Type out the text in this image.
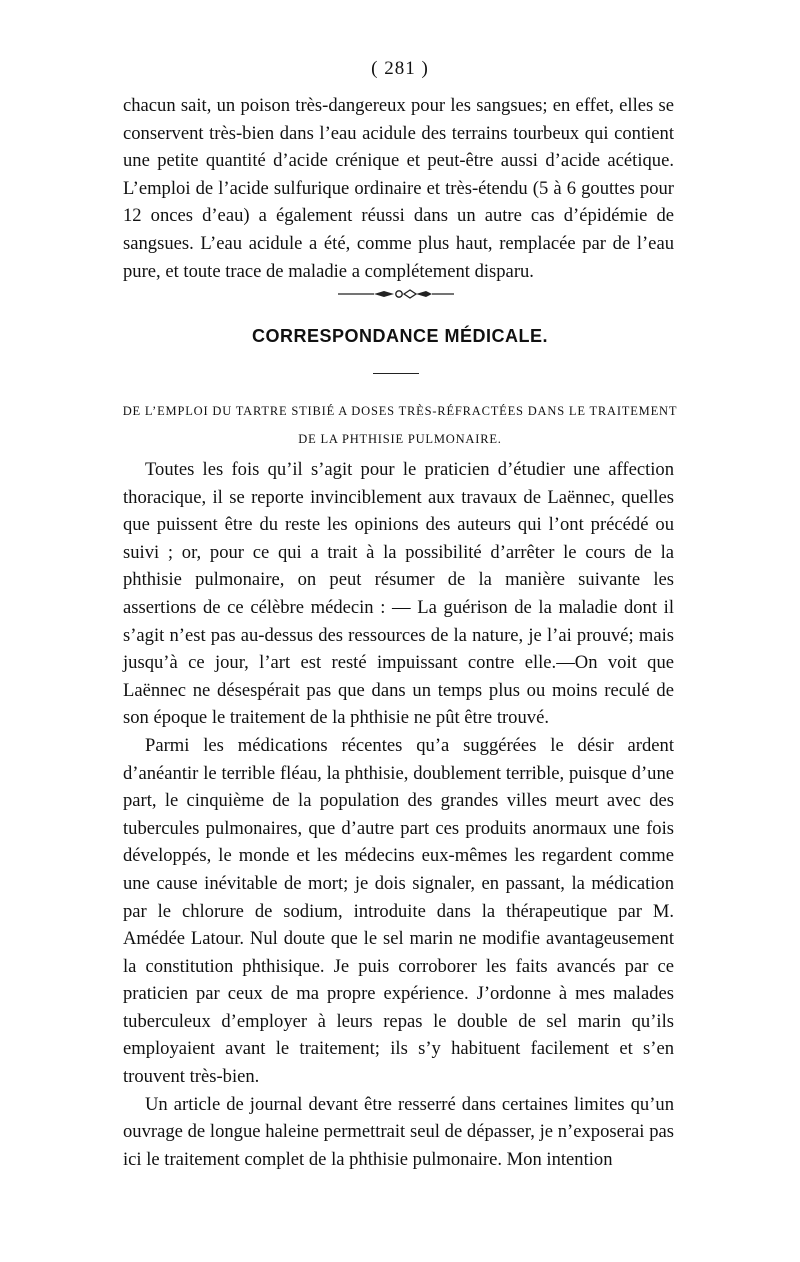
( 281 )

chacun sait, un poison très-dangereux pour les sangsues; en effet, elles se conservent très-bien dans l’eau acidule des terrains tourbeux qui contient une petite quantité d’acide crénique et peut-être aussi d’acide acétique. L’emploi de l’acide sulfurique ordinaire et très-étendu (5 à 6 gouttes pour 12 onces d’eau) a également réussi dans un autre cas d’épidémie de sangsues. L’eau acidule a été, comme plus haut, remplacée par de l’eau pure, et toute trace de maladie a complétement disparu.

CORRESPONDANCE MÉDICALE.
DE L’EMPLOI DU TARTRE STIBIÉ A DOSES TRÈS-RÉFRACTÉES DANS LE TRAITEMENT DE LA PHTHISIE PULMONAIRE.

Toutes les fois qu’il s’agit pour le praticien d’étudier une affection thoracique, il se reporte invinciblement aux travaux de Laënnec, quelles que puissent être du reste les opinions des auteurs qui l’ont précédé ou suivi ; or, pour ce qui a trait à la possibilité d’arrêter le cours de la phthisie pulmonaire, on peut résumer de la manière suivante les assertions de ce célèbre médecin : — La guérison de la maladie dont il s’agit n’est pas au-dessus des ressources de la nature, je l’ai prouvé; mais jusqu’à ce jour, l’art est resté impuissant contre elle.—On voit que Laënnec ne désespérait pas que dans un temps plus ou moins reculé de son époque le traitement de la phthisie ne pût être trouvé.

Parmi les médications récentes qu’a suggérées le désir ardent d’anéantir le terrible fléau, la phthisie, doublement terrible, puisque d’une part, le cinquième de la population des grandes villes meurt avec des tubercules pulmonaires, que d’autre part ces produits anormaux une fois développés, le monde et les médecins eux-mêmes les regardent comme une cause inévitable de mort; je dois signaler, en passant, la médication par le chlorure de sodium, introduite dans la thérapeutique par M. Amédée Latour. Nul doute que le sel marin ne modifie avantageusement la constitution phthisique. Je puis corroborer les faits avancés par ce praticien par ceux de ma propre expérience. J’ordonne à mes malades tuberculeux d’employer à leurs repas le double de sel marin qu’ils employaient avant le traitement; ils s’y habituent facilement et s’en trouvent très-bien.

Un article de journal devant être resserré dans certaines limites qu’un ouvrage de longue haleine permettrait seul de dépasser, je n’exposerai pas ici le traitement complet de la phthisie pulmonaire. Mon intention
